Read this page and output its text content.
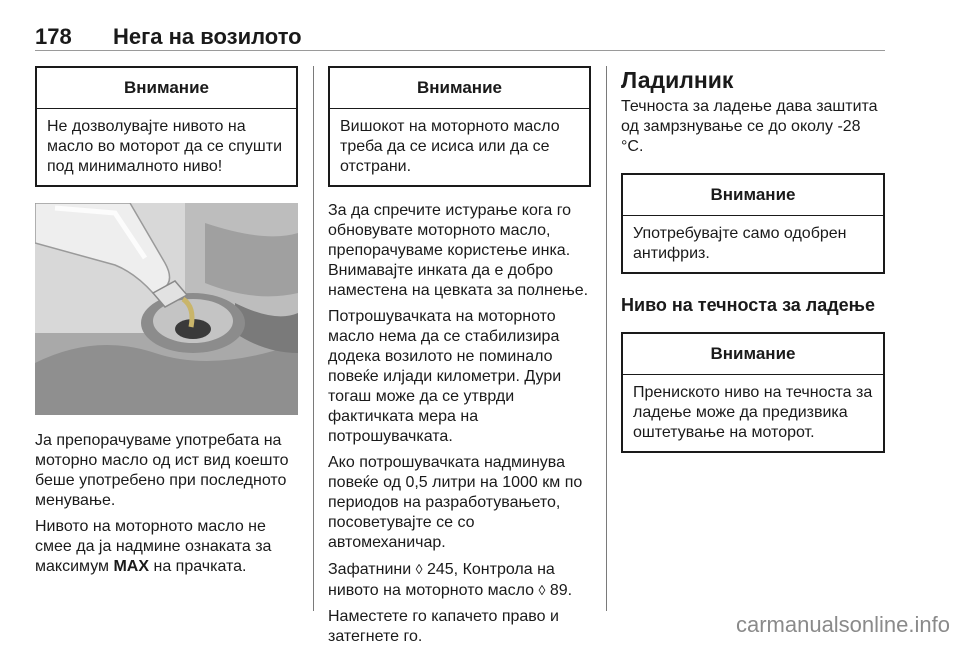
178	Нега на возилото
Внимание
Не дозволувајте нивото на масло во моторот да се спушти под минималното ниво!

Ја препорачуваме употребата на моторно масло од ист вид коешто беше употребено при последното менување.

Нивото на моторното масло не смее да ја надмине ознаката за максимум MAX на прачката.

Внимание
Вишокот на моторното масло треба да се исиса или да се отстрани.

За да спречите истурање кога го обновувате моторното масло, препорачуваме користење инка. Внимавајте инката да е добро наместена на цевката за полнење.

Потрошувачката на моторното масло нема да се стабилизира додека возилото не поминало повеќе илјади километри. Дури тогаш може да се утврди фактичката мера на потрошувачката.

Ако потрошувачката надминува повеќе од 0,5 литри на 1000 км по периодов на разработувањето, посоветувајте се со автомеханичар.

Зафатнини ◊ 245, Контрола на нивото на моторното масло ◊ 89.

Наместете го капачето право и затегнете го.

Ладилник

Течноста за ладење дава заштита од замрзнување се до околу -28 °C.

Внимание
Употребувајте само одобрен антифриз.
Ниво на течноста за ладење
Внимание
Прениското ниво на течноста за ладење може да предизвика оштетување на моторот.
carmanualsonline.info
